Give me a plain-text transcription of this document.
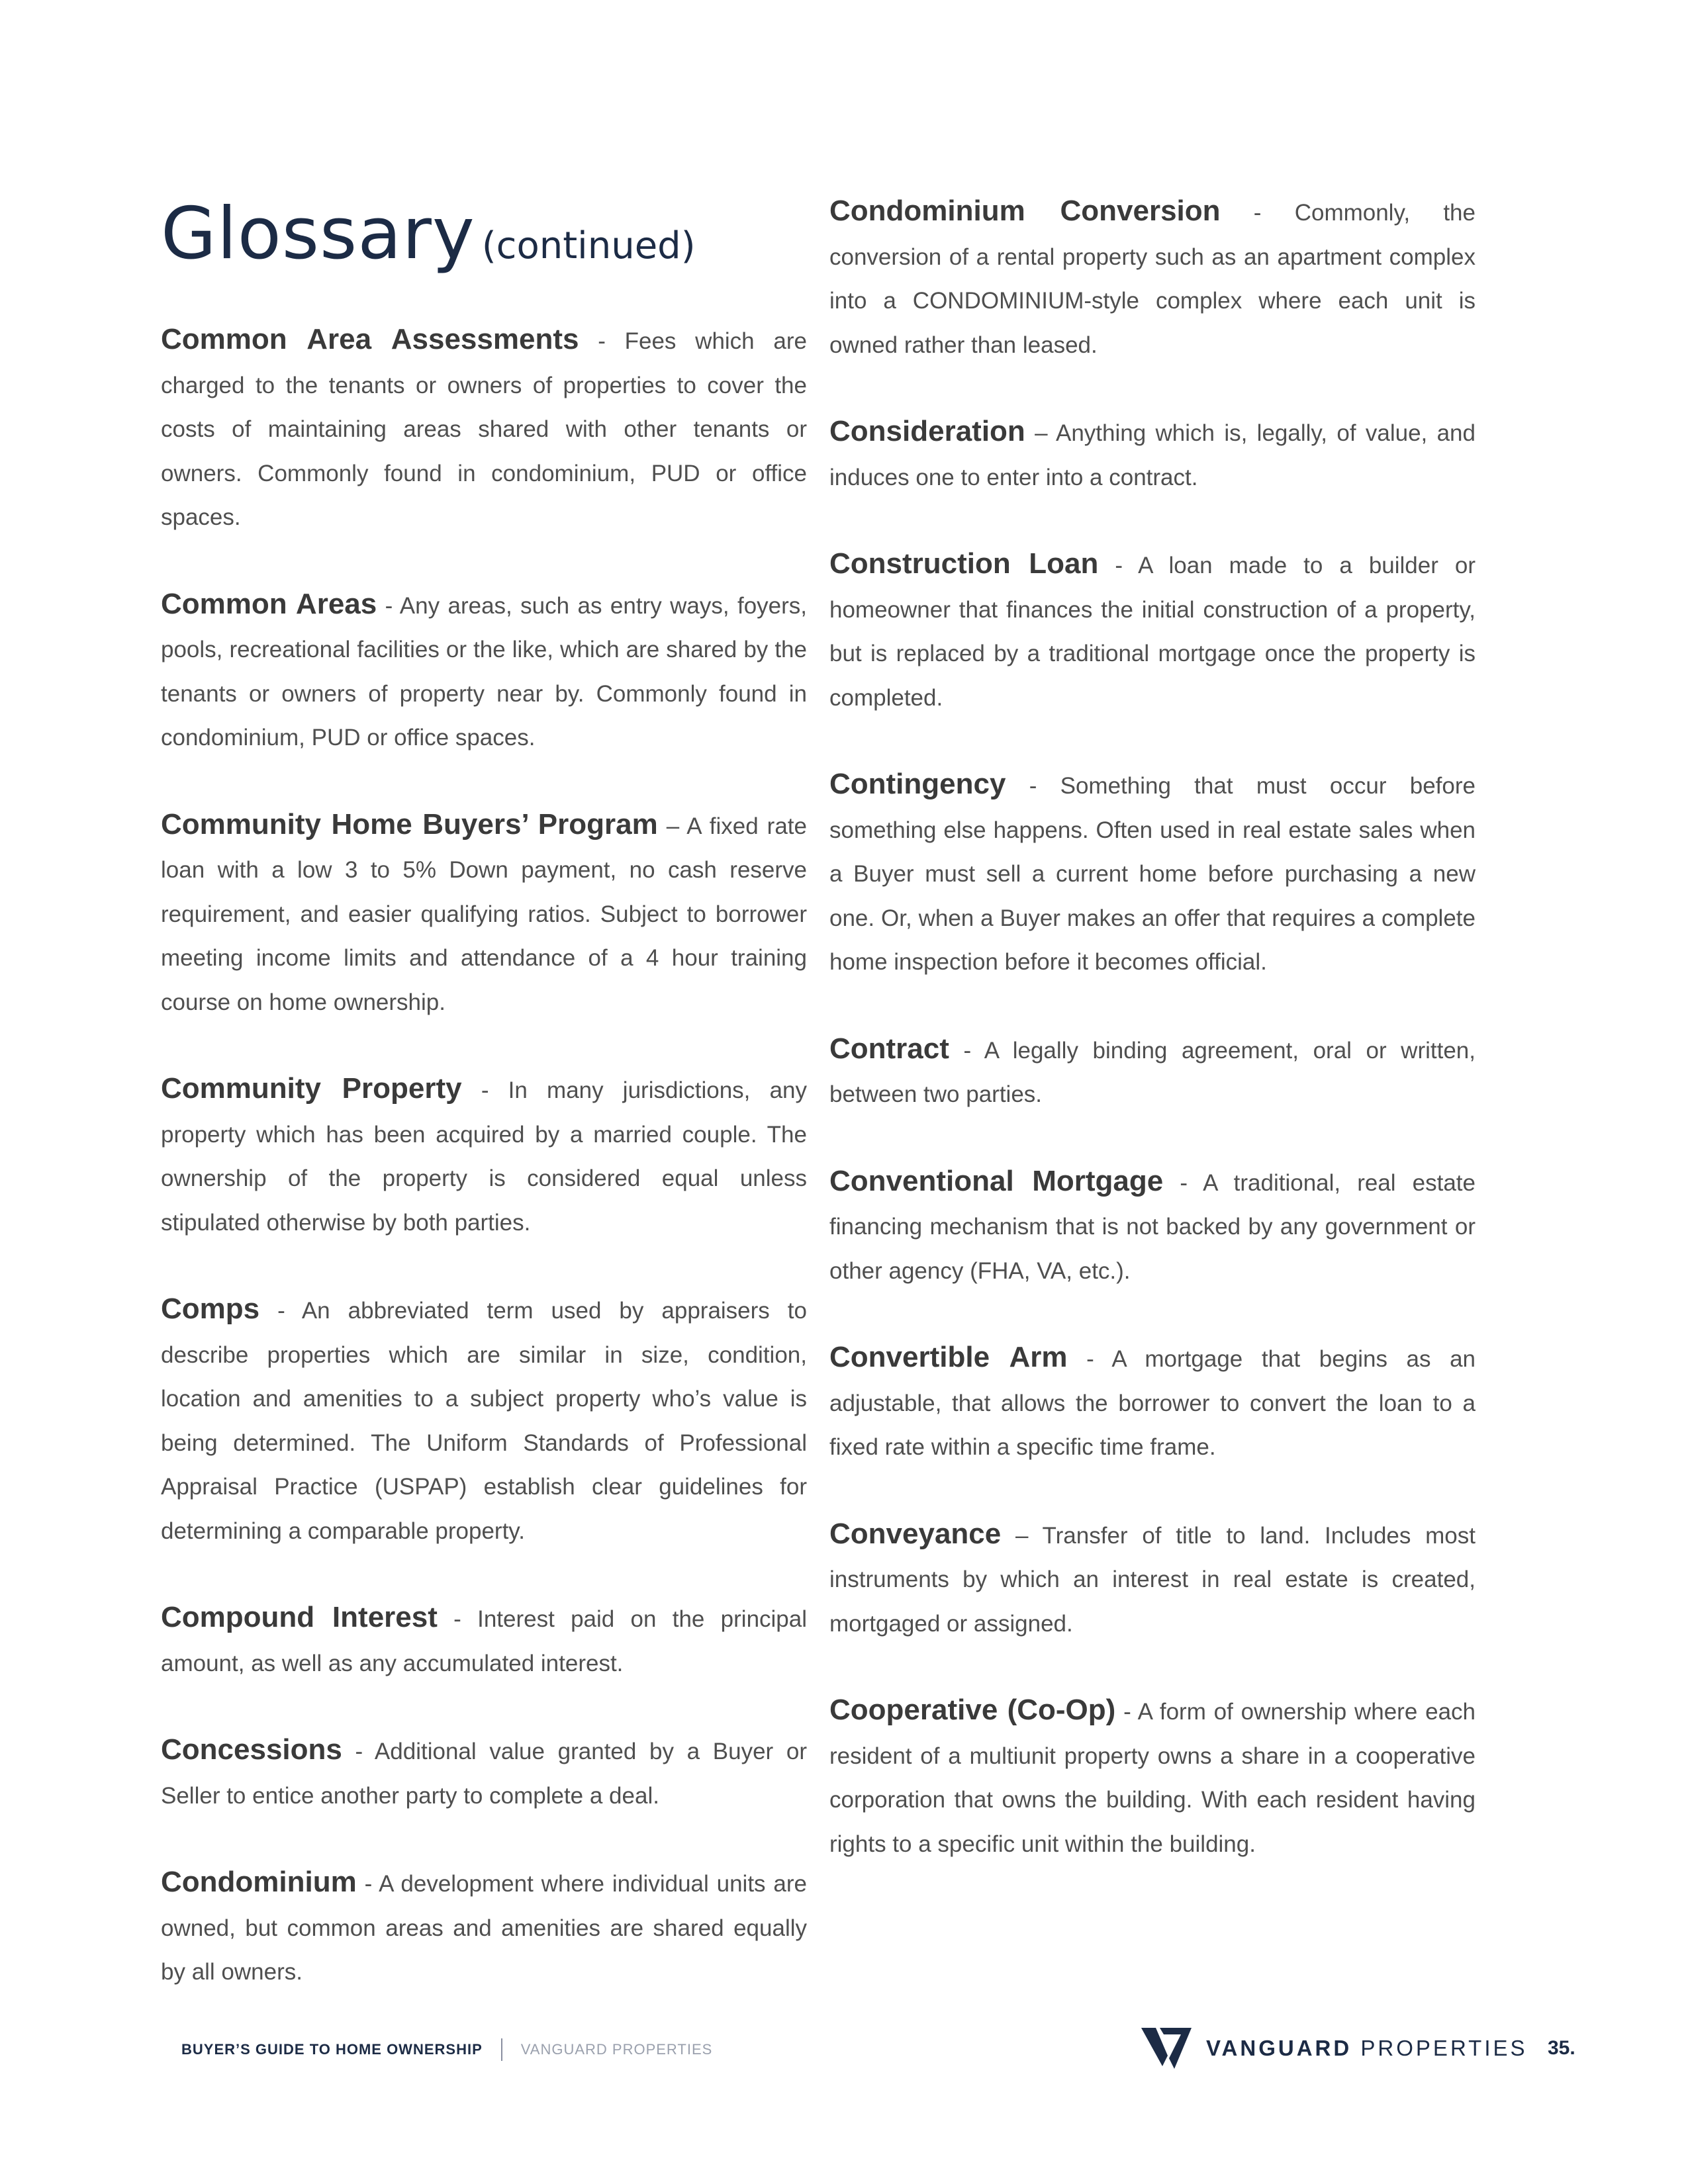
Glossary (continued)

Common Area Assessments - Fees which are charged to the tenants or owners of properties to cover the costs of maintaining areas shared with other tenants or owners. Commonly found in condominium, PUD or office spaces.

Common Areas - Any areas, such as entry ways, foyers, pools, recreational facilities or the like, which are shared by the tenants or owners of property near by. Commonly found in condominium, PUD or office spaces.

Community Home Buyers’ Program – A fixed rate loan with a low 3 to 5% Down payment, no cash reserve requirement, and easier qualifying ratios. Subject to borrower meeting income limits and attendance of a 4 hour training course on home ownership.

Community Property - In many jurisdictions, any property which has been acquired by a married couple. The ownership of the property is considered equal unless stipulated otherwise by both parties.

Comps - An abbreviated term used by appraisers to describe properties which are similar in size, condition, location and amenities to a subject property who’s value is being determined. The Uniform Standards of Professional Appraisal Practice (USPAP) establish clear guidelines for determining a comparable property.

Compound Interest - Interest paid on the principal amount, as well as any accumulated interest.

Concessions - Additional value granted by a Buyer or Seller to entice another party to complete a deal.

Condominium - A development where individual units are owned, but common areas and amenities are shared equally by all owners.

Condominium Conversion - Commonly, the conversion of a rental property such as an apartment complex into a CONDOMINIUM-style complex where each unit is owned rather than leased.

Consideration – Anything which is, legally, of value, and induces one to enter into a contract.

Construction Loan - A loan made to a builder or homeowner that finances the initial construction of a property, but is replaced by a traditional mortgage once the property is completed.

Contingency - Something that must occur before something else happens. Often used in real estate sales when a Buyer must sell a current home before purchasing a new one. Or, when a Buyer makes an offer that requires a complete home inspection before it becomes official.

Contract - A legally binding agreement, oral or written, between two parties.

Conventional Mortgage - A traditional, real estate financing mechanism that is not backed by any government or other agency (FHA, VA, etc.).

Convertible Arm - A mortgage that begins as an adjustable, that allows the borrower to convert the loan to a fixed rate within a specific time frame.

Conveyance – Transfer of title to land. Includes most instruments by which an interest in real estate is created, mortgaged or assigned.

Cooperative (Co-Op) - A form of ownership where each resident of a multiunit property owns a share in a cooperative corporation that owns the building. With each resident having rights to a specific unit within the building.

BUYER’S GUIDE TO HOME OWNERSHIP	VANGUARD PROPERTIES	VANGUARD PROPERTIES 35.
